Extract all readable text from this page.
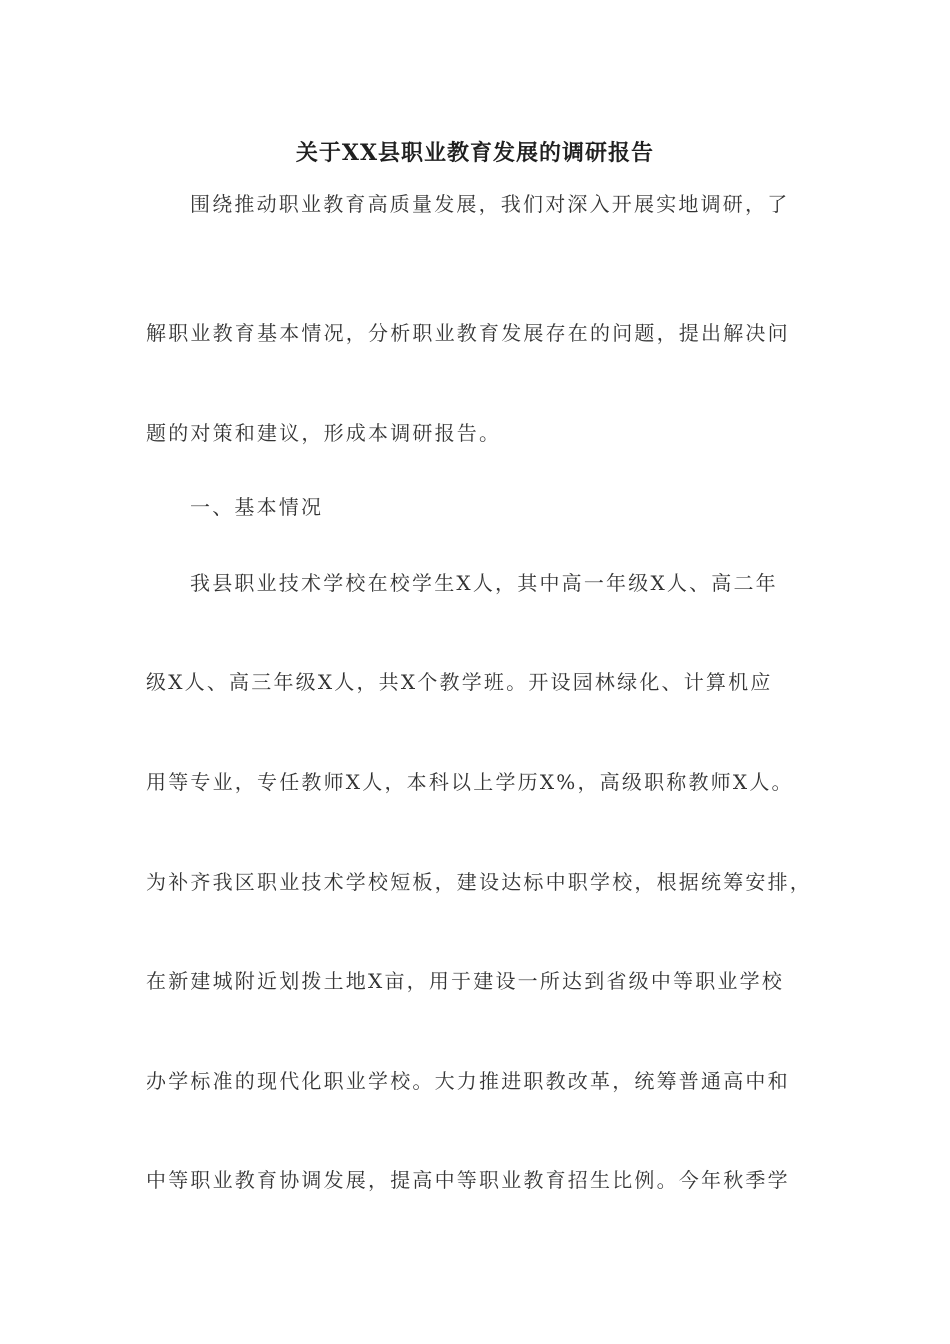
关于XX县职业教育发展的调研报告
围绕推动职业教育高质量发展，我们对深入开展实地调研，了
解职业教育基本情况，分析职业教育发展存在的问题，提出解决问
题的对策和建议，形成本调研报告。
一、基本情况
我县职业技术学校在校学生X人，其中高一年级X人、高二年
级X人、高三年级X人，共X个教学班。开设园林绿化、计算机应
用等专业，专任教师X人，本科以上学历X%，高级职称教师X人。
为补齐我区职业技术学校短板，建设达标中职学校，根据统筹安排，
在新建城附近划拨土地X亩，用于建设一所达到省级中等职业学校
办学标准的现代化职业学校。大力推进职教改革，统筹普通高中和
中等职业教育协调发展，提高中等职业教育招生比例。今年秋季学
